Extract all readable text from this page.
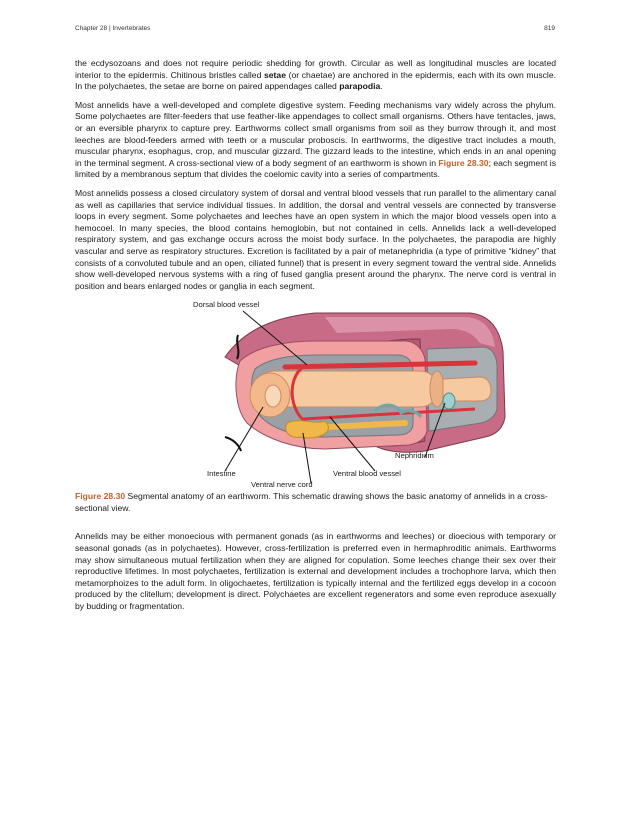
Chapter 28 | Invertebrates	819

the ecdysozoans and does not require periodic shedding for growth. Circular as well as longitudinal muscles are located interior to the epidermis. Chitinous bristles called setae (or chaetae) are anchored in the epidermis, each with its own muscle. In the polychaetes, the setae are borne on paired appendages called parapodia.

Most annelids have a well-developed and complete digestive system. Feeding mechanisms vary widely across the phylum. Some polychaetes are filter-feeders that use feather-like appendages to collect small organisms. Others have tentacles, jaws, or an eversible pharynx to capture prey. Earthworms collect small organisms from soil as they burrow through it, and most leeches are blood-feeders armed with teeth or a muscular proboscis. In earthworms, the digestive tract includes a mouth, muscular pharynx, esophagus, crop, and muscular gizzard. The gizzard leads to the intestine, which ends in an anal opening in the terminal segment. A cross-sectional view of a body segment of an earthworm is shown in Figure 28.30; each segment is limited by a membranous septum that divides the coelomic cavity into a series of compartments.

Most annelids possess a closed circulatory system of dorsal and ventral blood vessels that run parallel to the alimentary canal as well as capillaries that service individual tissues. In addition, the dorsal and ventral vessels are connected by transverse loops in every segment. Some polychaetes and leeches have an open system in which the major blood vessels open into a hemocoel. In many species, the blood contains hemoglobin, but not contained in cells. Annelids lack a well-developed respiratory system, and gas exchange occurs across the moist body surface. In the polychaetes, the parapodia are highly vascular and serve as respiratory structures. Excretion is facilitated by a pair of metanephridia (a type of primitive “kidney” that consists of a convoluted tubule and an open, ciliated funnel) that is present in every segment toward the ventral side. Annelids show well-developed nervous systems with a ring of fused ganglia present around the pharynx. The nerve cord is ventral in position and bears enlarged nodes or ganglia in each segment.

Dorsal blood vessel
Nephridium
Intestine	Ventral blood vessel
Ventral nerve cord

Figure 28.30 Segmental anatomy of an earthworm. This schematic drawing shows the basic anatomy of annelids in a cross-sectional view.

Annelids may be either monoecious with permanent gonads (as in earthworms and leeches) or dioecious with temporary or seasonal gonads (as in polychaetes). However, cross-fertilization is preferred even in hermaphroditic animals. Earthworms may show simultaneous mutual fertilization when they are aligned for copulation. Some leeches change their sex over their reproductive lifetimes. In most polychaetes, fertilization is external and development includes a trochophore larva, which then metamorphoizes to the adult form. In oligochaetes, fertilization is typically internal and the fertilized eggs develop in a cocoon produced by the clitellum; development is direct. Polychaetes are excellent regenerators and some even reproduce asexually by budding or fragmentation.
